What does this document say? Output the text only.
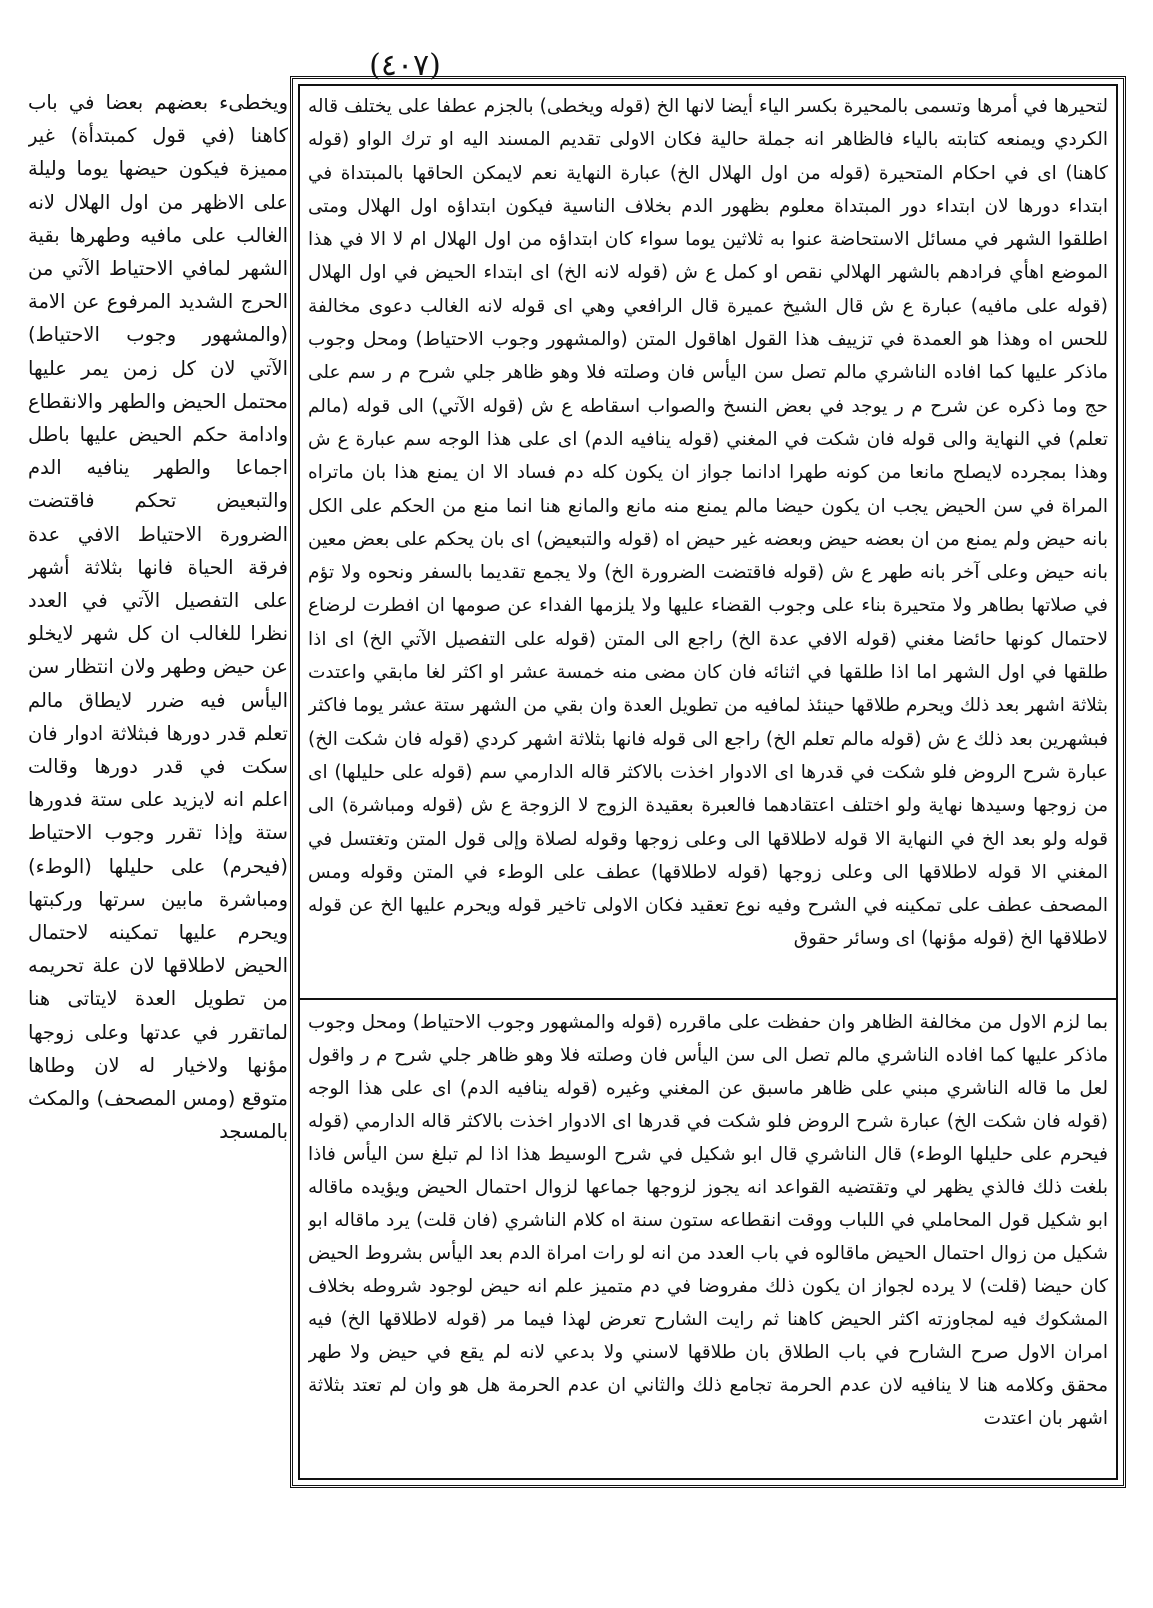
(٤٠٧)
ويخطىء بعضهم بعضا في باب كاهنا (في قول كمبتدأة) غير مميزة فيكون حيضها يوما وليلة على الاظهر من اول الهلال لانه الغالب على مافيه وطهرها بقية الشهر لمافي الاحتياط الآتي من الحرج الشديد المرفوع عن الامة (والمشهور وجوب الاحتياط) الآتي لان كل زمن يمر عليها محتمل الحيض والطهر والانقطاع وادامة حكم الحيض عليها باطل اجماعا والطهر ينافيه الدم والتبعيض تحكم فاقتضت الضرورة الاحتياط الافي عدة فرقة الحياة فانها بثلاثة أشهر على التفصيل الآتي في العدد نظرا للغالب ان كل شهر لايخلو عن حيض وطهر ولان انتظار سن اليأس فيه ضرر لايطاق مالم تعلم قدر دورها فبثلاثة ادوار فان سكت في قدر دورها وقالت اعلم انه لايزيد على ستة فدورها ستة وإذا تقرر وجوب الاحتياط (فيحرم) على حليلها (الوطء) ومباشرة مابين سرتها وركبتها ويحرم عليها تمكينه لاحتمال الحيض لاطلاقها لان علة تحريمه من تطويل العدة لايتاتى هنا لماتقرر في عدتها وعلى زوجها مؤنها ولاخيار له لان وطاها متوقع (ومس المصحف) والمكث بالمسجد
لتحيرها في أمرها وتسمى بالمحيرة بكسر الياء أيضا لانها الخ (قوله ويخطى) بالجزم عطفا على يختلف قاله الكردي ويمنعه كتابته بالياء فالظاهر انه جملة حالية فكان الاولى تقديم المسند اليه او ترك الواو (قوله كاهنا) اى في احكام المتحيرة (قوله من اول الهلال الخ) عبارة النهاية نعم لايمكن الحاقها بالمبتداة في ابتداء دورها لان ابتداء دور المبتداة معلوم بظهور الدم بخلاف الناسية فيكون ابتداؤه اول الهلال ومتى اطلقوا الشهر في مسائل الاستحاضة عنوا به ثلاثين يوما سواء كان ابتداؤه من اول الهلال ام لا الا في هذا الموضع اهأي فرادهم بالشهر الهلالي نقص او كمل ع ش (قوله لانه الخ) اى ابتداء الحيض في اول الهلال (قوله على مافيه) عبارة ع ش قال الشيخ عميرة قال الرافعي وهي اى قوله لانه الغالب دعوى مخالفة للحس اه وهذا هو العمدة في تزييف هذا القول اهاقول المتن (والمشهور وجوب الاحتياط) ومحل وجوب ماذكر عليها كما افاده الناشري مالم تصل سن اليأس فان وصلته فلا وهو ظاهر جلي شرح م ر سم على حج وما ذكره عن شرح م ر يوجد في بعض النسخ والصواب اسقاطه ع ش (قوله الآتي) الى قوله (مالم تعلم) في النهاية والى قوله فان شكت في المغني (قوله ينافيه الدم) اى على هذا الوجه سم عبارة ع ش وهذا بمجرده لايصلح مانعا من كونه طهرا ادانما جواز ان يكون كله دم فساد الا ان يمنع هذا بان ماتراه المراة في سن الحيض يجب ان يكون حيضا مالم يمنع منه مانع والمانع هنا انما منع من الحكم على الكل بانه حيض ولم يمنع من ان بعضه حيض وبعضه غير حيض اه (قوله والتبعيض) اى بان يحكم على بعض معين بانه حيض وعلى آخر بانه طهر ع ش (قوله فاقتضت الضرورة الخ) ولا يجمع تقديما بالسفر ونحوه ولا تؤم في صلاتها بطاهر ولا متحيرة بناء على وجوب القضاء عليها ولا يلزمها الفداء عن صومها ان افطرت لرضاع لاحتمال كونها حائضا مغني (قوله الافي عدة الخ) راجع الى المتن (قوله على التفصيل الآتي الخ) اى اذا طلقها في اول الشهر اما اذا طلقها في اثنائه فان كان مضى منه خمسة عشر او اكثر لغا مابقي واعتدت بثلاثة اشهر بعد ذلك ويحرم طلاقها حينئذ لمافيه من تطويل العدة وان بقي من الشهر ستة عشر يوما فاكثر فبشهرين بعد ذلك ع ش (قوله مالم تعلم الخ) راجع الى قوله فانها بثلاثة اشهر كردي (قوله فان شكت الخ) عبارة شرح الروض فلو شكت في قدرها اى الادوار اخذت بالاكثر قاله الدارمي سم (قوله على حليلها) اى من زوجها وسيدها نهاية ولو اختلف اعتقادهما فالعبرة بعقيدة الزوج لا الزوجة ع ش (قوله ومباشرة) الى قوله ولو بعد الخ في النهاية الا قوله لاطلاقها الى وعلى زوجها وقوله لصلاة وإلى قول المتن وتغتسل في المغني الا قوله لاطلاقها الى وعلى زوجها (قوله لاطلاقها) عطف على الوطء في المتن وقوله ومس المصحف عطف على تمكينه في الشرح وفيه نوع تعقيد فكان الاولى تاخير قوله ويحرم عليها الخ عن قوله لاطلاقها الخ (قوله مؤنها) اى وسائر حقوق
بما لزم الاول من مخالفة الظاهر وان حفظت على ماقرره (قوله والمشهور وجوب الاحتياط) ومحل وجوب ماذكر عليها كما افاده الناشري مالم تصل الى سن اليأس فان وصلته فلا وهو ظاهر جلي شرح م ر واقول لعل ما قاله الناشري مبني على ظاهر ماسبق عن المغني وغيره (قوله ينافيه الدم) اى على هذا الوجه (قوله فان شكت الخ) عبارة شرح الروض فلو شكت في قدرها اى الادوار اخذت بالاكثر قاله الدارمي (قوله فيحرم على حليلها الوطء) قال الناشري قال ابو شكيل في شرح الوسيط هذا اذا لم تبلغ سن اليأس فاذا بلغت ذلك فالذي يظهر لي وتقتضيه القواعد انه يجوز لزوجها جماعها لزوال احتمال الحيض ويؤيده ماقاله ابو شكيل قول المحاملي في اللباب ووقت انقطاعه ستون سنة اه كلام الناشري (فان قلت) يرد ماقاله ابو شكيل من زوال احتمال الحيض ماقالوه في باب العدد من انه لو رات امراة الدم بعد اليأس بشروط الحيض كان حيضا (قلت) لا يرده لجواز ان يكون ذلك مفروضا في دم متميز علم انه حيض لوجود شروطه بخلاف المشكوك فيه لمجاوزته اكثر الحيض كاهنا ثم رايت الشارح تعرض لهذا فيما مر (قوله لاطلاقها الخ) فيه امران الاول صرح الشارح في باب الطلاق بان طلاقها لاسني ولا بدعي لانه لم يقع في حيض ولا طهر محقق وكلامه هنا لا ينافيه لان عدم الحرمة تجامع ذلك والثاني ان عدم الحرمة هل هو وان لم تعتد بثلاثة اشهر بان اعتدت
